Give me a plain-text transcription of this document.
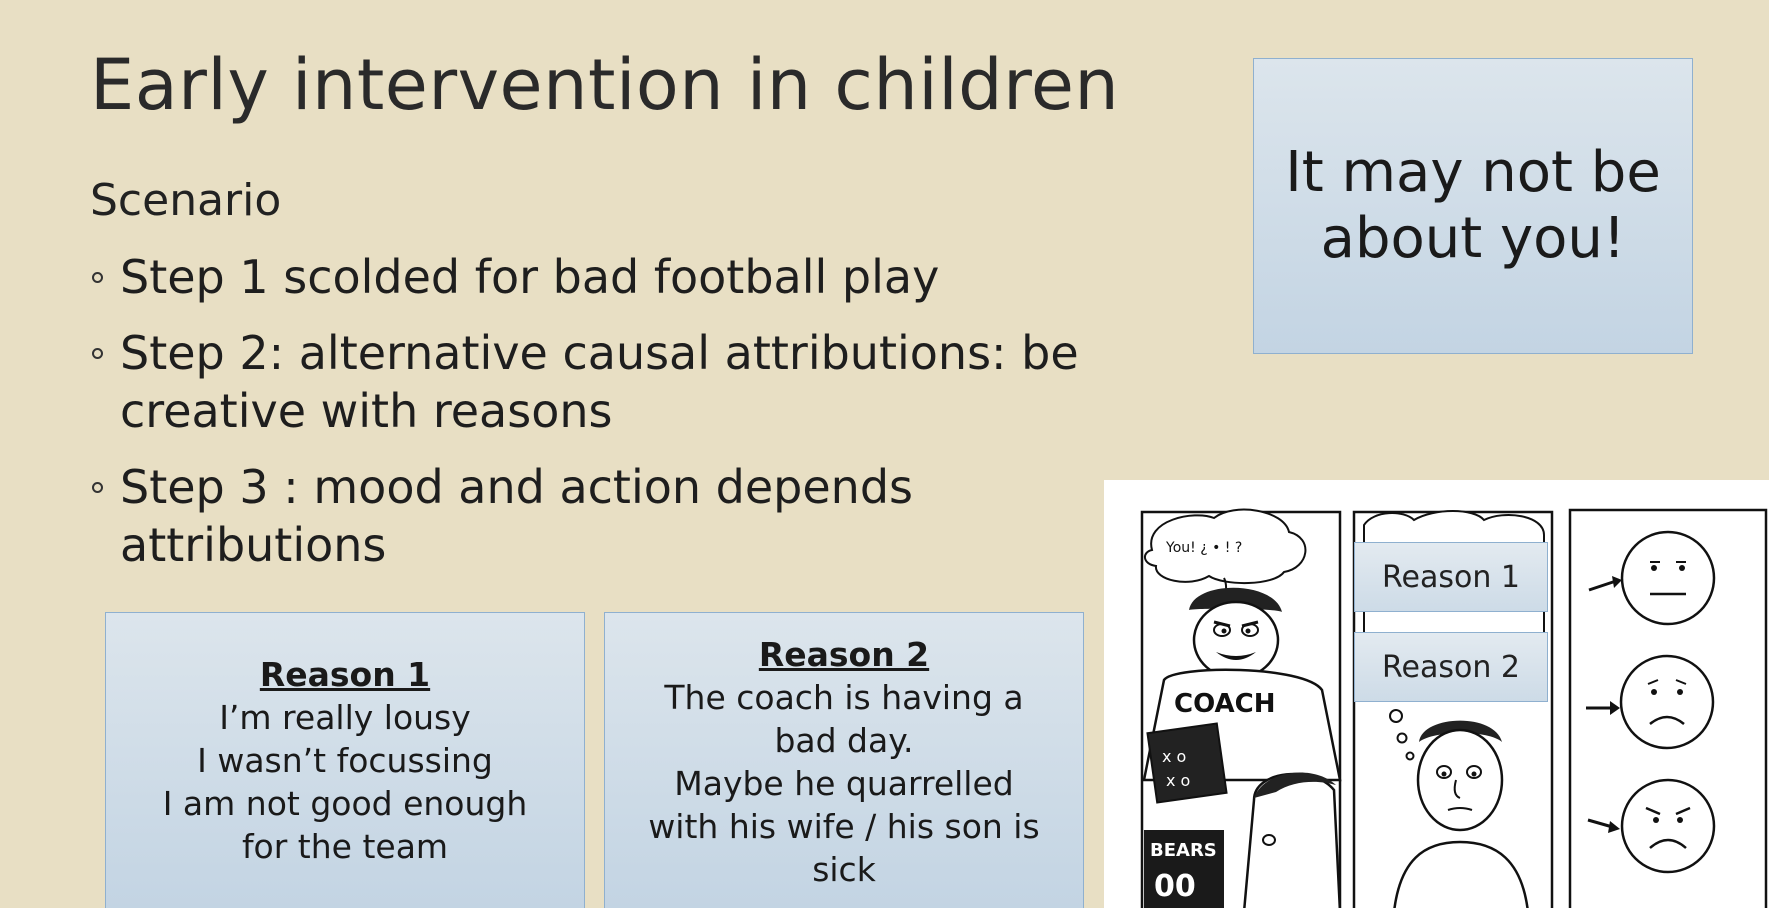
Early intervention in children
Scenario
Step 1 scolded for bad football play
Step 2: alternative causal attributions: be creative with reasons
Step 3 : mood and action depends attributions
It may not be
about you!
Reason 1
I’m really lousy
I wasn’t focussing
I am not good enough
for the team
Reason 2
The coach is having a
bad day.
Maybe he quarrelled
with his wife / his son is
sick
You! ¿ • ! ?
COACH
x o
x o
BEARS
00
Reason 1
Reason 2
